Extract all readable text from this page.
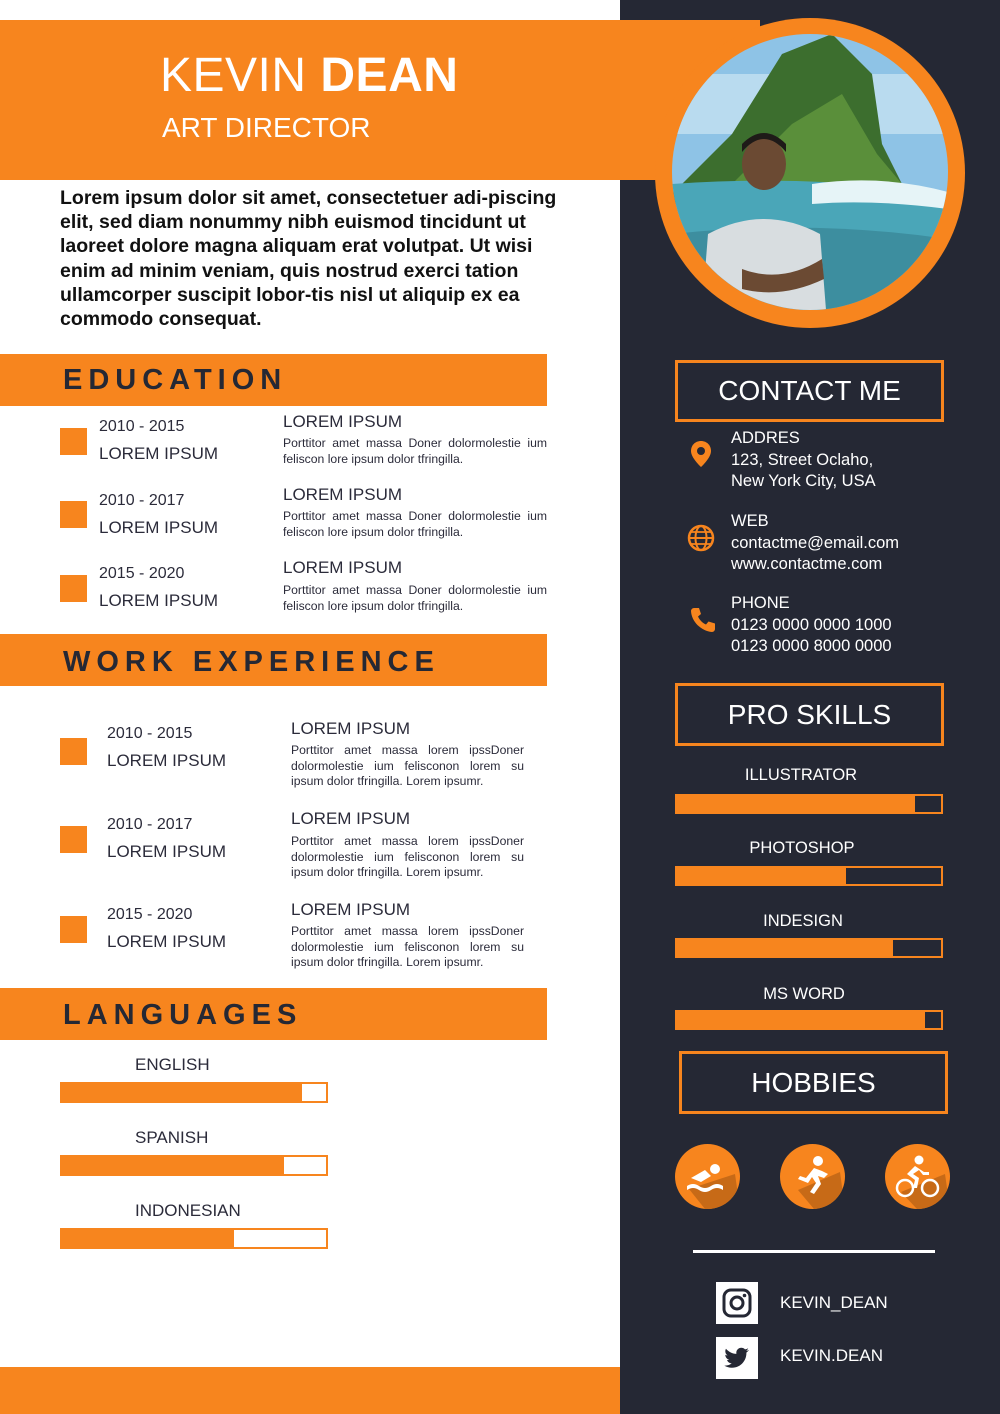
KEVIN DEAN
ART DIRECTOR
Lorem ipsum dolor sit amet, consectetuer adi-piscing elit, sed diam nonummy nibh euismod tincidunt ut laoreet dolore magna aliquam erat volutpat. Ut wisi enim ad minim veniam, quis nostrud exerci tation ullamcorper suscipit lobor-tis nisl ut aliquip ex ea commodo consequat.
EDUCATION
2010 - 2015
LOREM IPSUM
LOREM IPSUM
Porttitor amet massa Doner dolormolestie ium feliscon lore ipsum dolor tfringilla.
2010 - 2017
LOREM IPSUM
LOREM IPSUM
Porttitor amet massa Doner dolormolestie ium feliscon lore ipsum dolor tfringilla.
2015 - 2020
LOREM IPSUM
LOREM IPSUM
Porttitor amet massa Doner dolormolestie ium feliscon lore ipsum dolor tfringilla.
WORK EXPERIENCE
2010 - 2015
LOREM IPSUM
LOREM IPSUM
Porttitor amet massa lorem ipssDoner dolormolestie ium felisconon lorem su ipsum dolor tfringilla. Lorem ipsumr.
2010 - 2017
LOREM IPSUM
LOREM IPSUM
Porttitor amet massa lorem ipssDoner dolormolestie ium felisconon lorem su ipsum dolor tfringilla. Lorem ipsumr.
2015 - 2020
LOREM IPSUM
LOREM IPSUM
Porttitor amet massa lorem ipssDoner dolormolestie ium felisconon lorem su ipsum dolor tfringilla. Lorem ipsumr.
LANGUAGES
ENGLISH
SPANISH
INDONESIAN
CONTACT ME
ADDRES
123, Street Oclaho,
New York City, USA
WEB
contactme@email.com
www.contactme.com
PHONE
0123 0000 0000 1000
0123 0000 8000 0000
PRO SKILLS
ILLUSTRATOR
PHOTOSHOP
INDESIGN
MS WORD
HOBBIES
KEVIN_DEAN
KEVIN.DEAN
